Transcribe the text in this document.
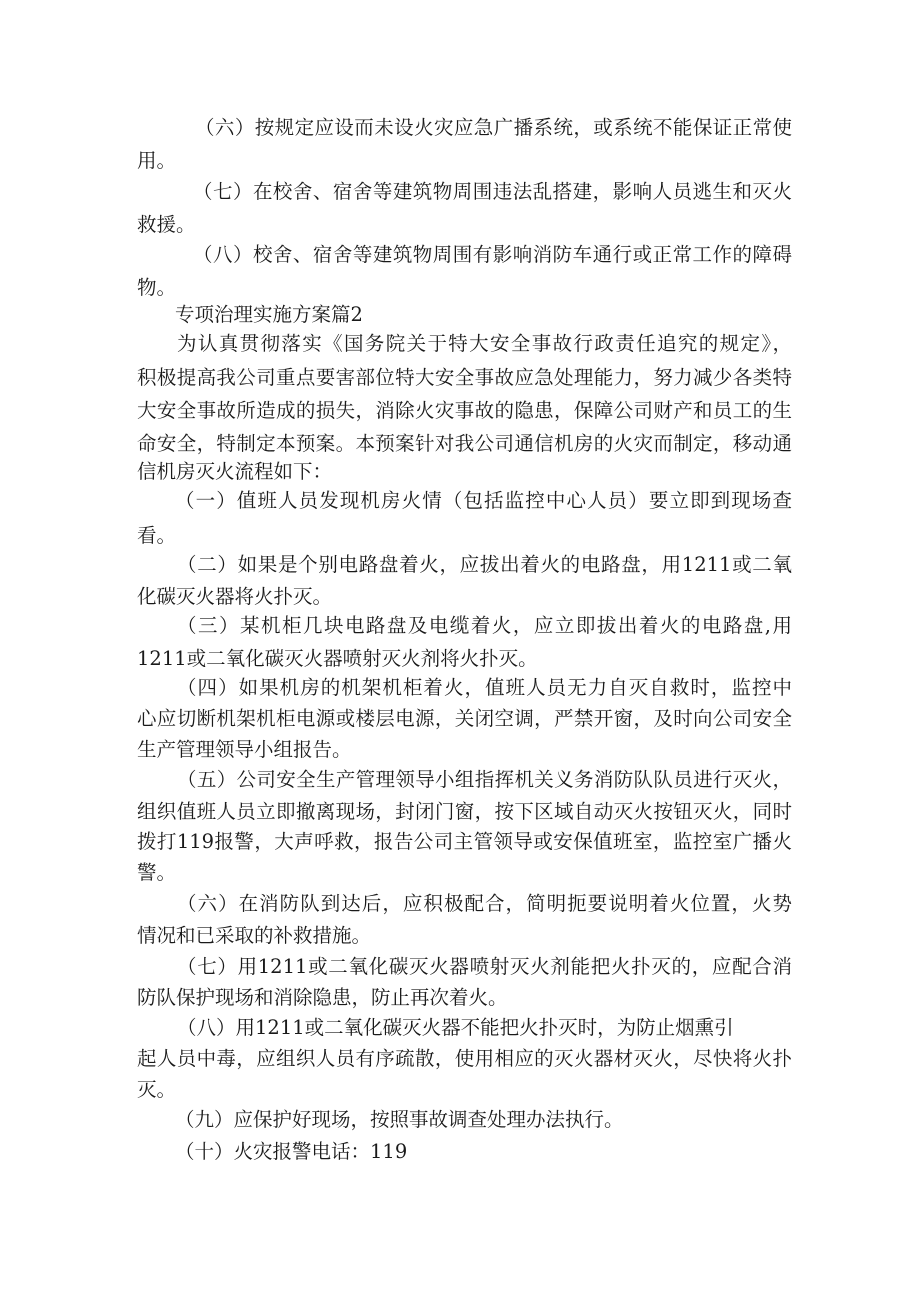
（六）按规定应设而未设火灾应急广播系统，或系统不能保证正常使
用。
（七）在校舍、宿舍等建筑物周围违法乱搭建，影响人员逃生和灭火
救援。
（八）校舍、宿舍等建筑物周围有影响消防车通行或正常工作的障碍
物。
专项治理实施方案篇2
为认真贯彻落实《国务院关于特大安全事故行政责任追究的规定》，
积极提高我公司重点要害部位特大安全事故应急处理能力，努力减少各类特
大安全事故所造成的损失，消除火灾事故的隐患，保障公司财产和员工的生
命安全，特制定本预案。本预案针对我公司通信机房的火灾而制定，移动通
信机房灭火流程如下：
（一）值班人员发现机房火情（包括监控中心人员）要立即到现场查
看。
（二）如果是个别电路盘着火，应拔出着火的电路盘，用1211或二氧
化碳灭火器将火扑灭。
（三）某机柜几块电路盘及电缆着火，应立即拔出着火的电路盘,用
1211或二氧化碳灭火器喷射灭火剂将火扑灭。
（四）如果机房的机架机柜着火，值班人员无力自灭自救时，监控中
心应切断机架机柜电源或楼层电源，关闭空调，严禁开窗，及时向公司安全
生产管理领导小组报告。
（五）公司安全生产管理领导小组指挥机关义务消防队队员进行灭火，
组织值班人员立即撤离现场，封闭门窗，按下区域自动灭火按钮灭火，同时
拨打119报警，大声呼救，报告公司主管领导或安保值班室，监控室广播火
警。
（六）在消防队到达后，应积极配合，简明扼要说明着火位置，火势
情况和已采取的补救措施。
（七）用1211或二氧化碳灭火器喷射灭火剂能把火扑灭的，应配合消
防队保护现场和消除隐患，防止再次着火。
（八）用1211或二氧化碳灭火器不能把火扑灭时，为防止烟熏引
起人员中毒，应组织人员有序疏散，使用相应的灭火器材灭火，尽快将火扑
灭。
（九）应保护好现场，按照事故调查处理办法执行。
（十）火灾报警电话：119
